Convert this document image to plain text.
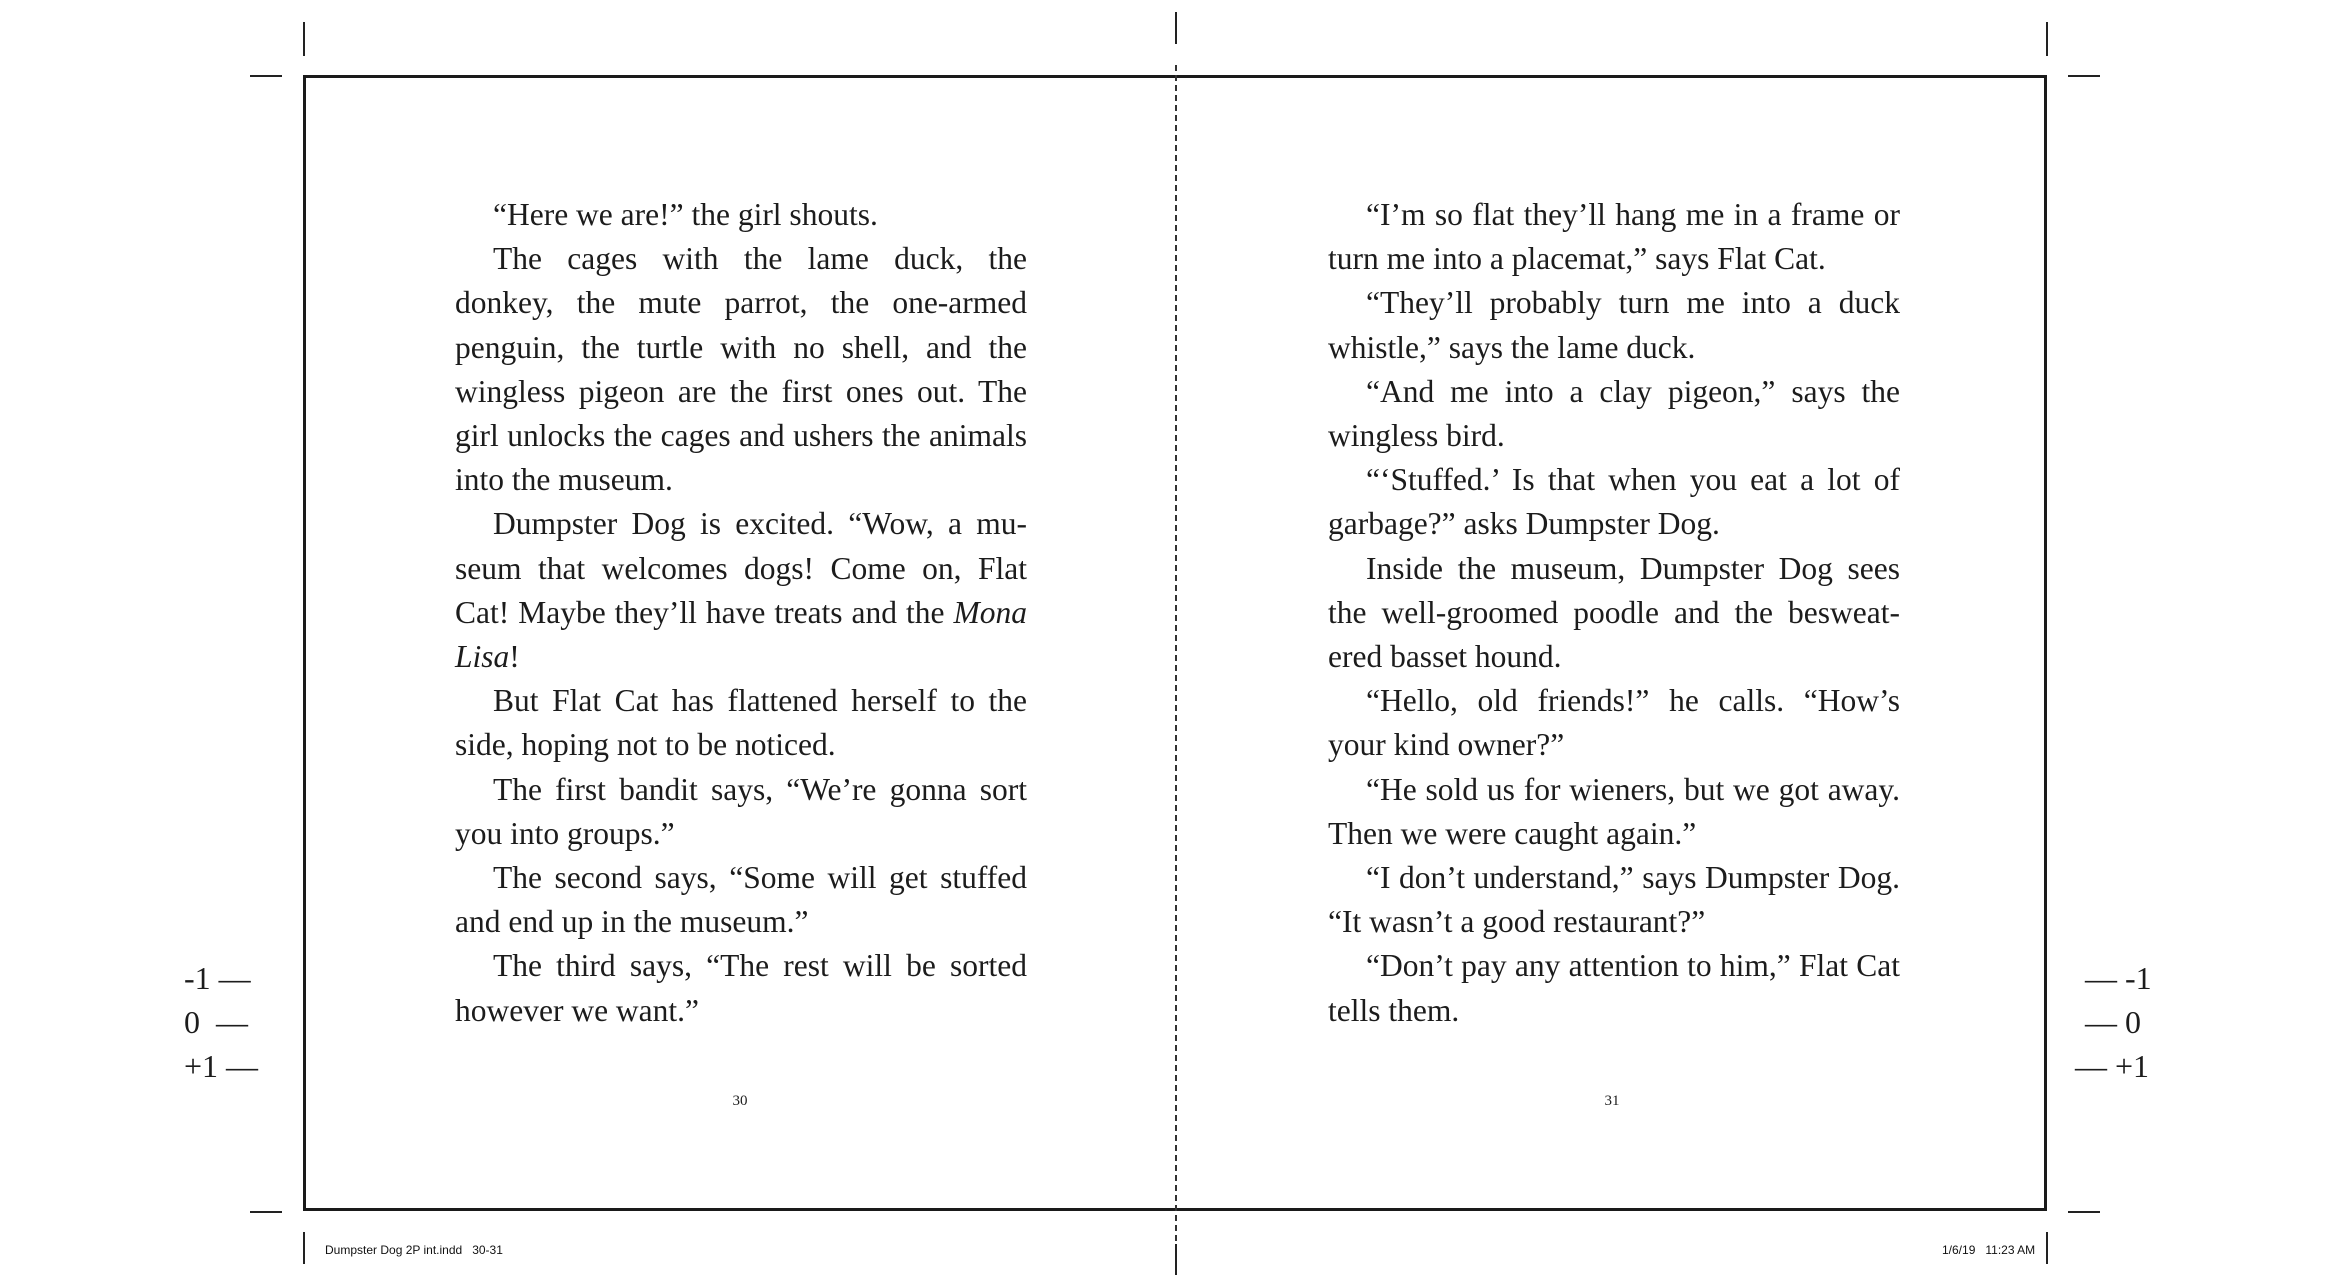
“Here we are!” the girl shouts.

The cages with the lame duck, the donkey, the mute parrot, the one-armed penguin, the turtle with no shell, and the wingless pigeon are the first ones out. The girl unlocks the cages and ushers the animals into the museum.

Dumpster Dog is excited. “Wow, a museum that welcomes dogs! Come on, Flat Cat! Maybe they’ll have treats and the Mona Lisa!

But Flat Cat has flattened herself to the side, hoping not to be noticed.

The first bandit says, “We’re gonna sort you into groups.”

The second says, “Some will get stuffed and end up in the museum.”

The third says, “The rest will be sorted however we want.”

“I’m so flat they’ll hang me in a frame or turn me into a placemat,” says Flat Cat.

“They’ll probably turn me into a duck whistle,” says the lame duck.

“And me into a clay pigeon,” says the wingless bird.

“‘Stuffed.’ Is that when you eat a lot of garbage?” asks Dumpster Dog.

Inside the museum, Dumpster Dog sees the well-groomed poodle and the besweatered basset hound.

“Hello, old friends!” he calls. “How’s your kind owner?”

“He sold us for wieners, but we got away. Then we were caught again.”

“I don’t understand,” says Dumpster Dog. “It wasn’t a good restaurant?”

“Don’t pay any attention to him,” Flat Cat tells them.

30	31
-1 —
0  —
+1 —
— -1
— 0
— +1
Dumpster Dog 2P int.indd   30-31	1/6/19   11:23 AM
